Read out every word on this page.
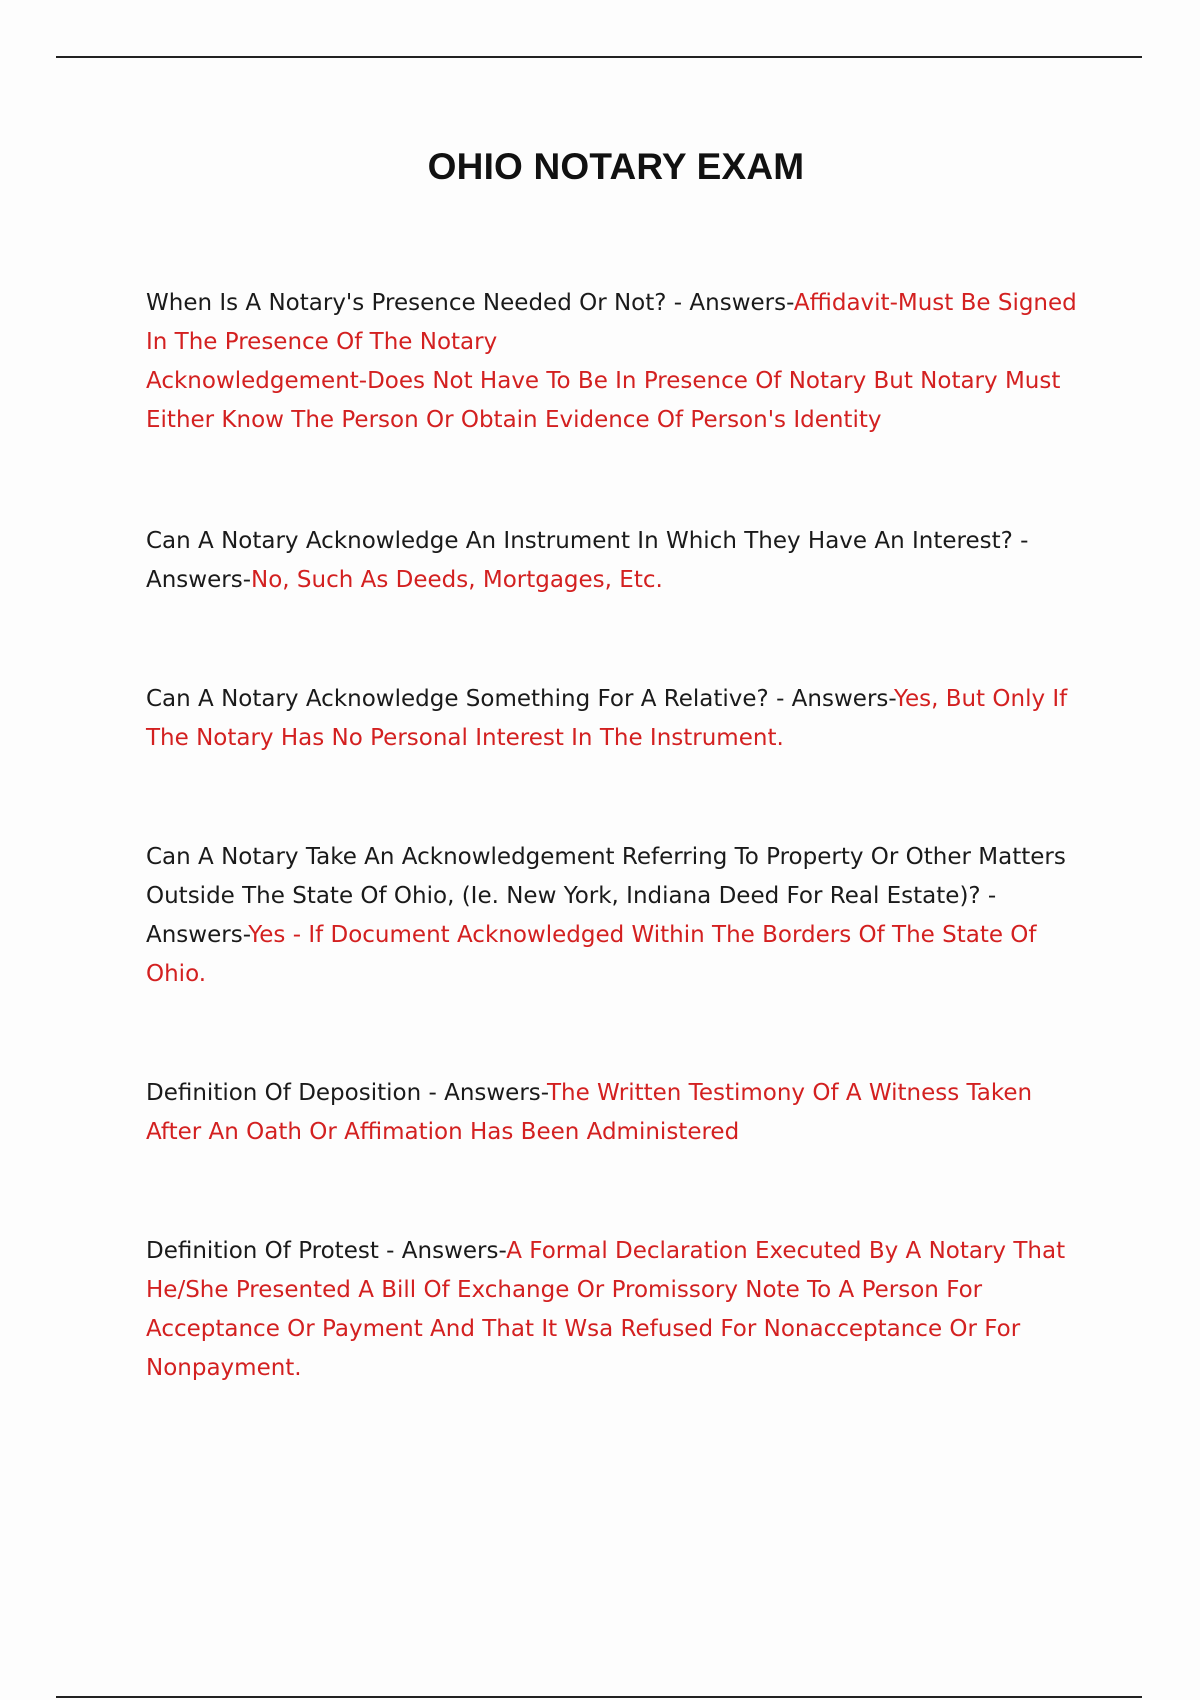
OHIO NOTARY EXAM

When Is A Notary's Presence Needed Or Not? - Answers-Affidavit-Must Be Signed In The Presence Of The Notary

Acknowledgement-Does Not Have To Be In Presence Of Notary But Notary Must Either Know The Person Or Obtain Evidence Of Person's Identity

Can A Notary Acknowledge An Instrument In Which They Have An Interest? - Answers-No, Such As Deeds, Mortgages, Etc.

Can A Notary Acknowledge Something For A Relative? - Answers-Yes, But Only If The Notary Has No Personal Interest In The Instrument.

Can A Notary Take An Acknowledgement Referring To Property Or Other Matters Outside The State Of Ohio, (Ie. New York, Indiana Deed For Real Estate)? - Answers-Yes - If Document Acknowledged Within The Borders Of The State Of Ohio.

Definition Of Deposition - Answers-The Written Testimony Of A Witness Taken After An Oath Or Affimation Has Been Administered

Definition Of Protest - Answers-A Formal Declaration Executed By A Notary That He/She Presented A Bill Of Exchange Or Promissory Note To A Person For Acceptance Or Payment And That It Wsa Refused For Nonacceptance Or For Nonpayment.
